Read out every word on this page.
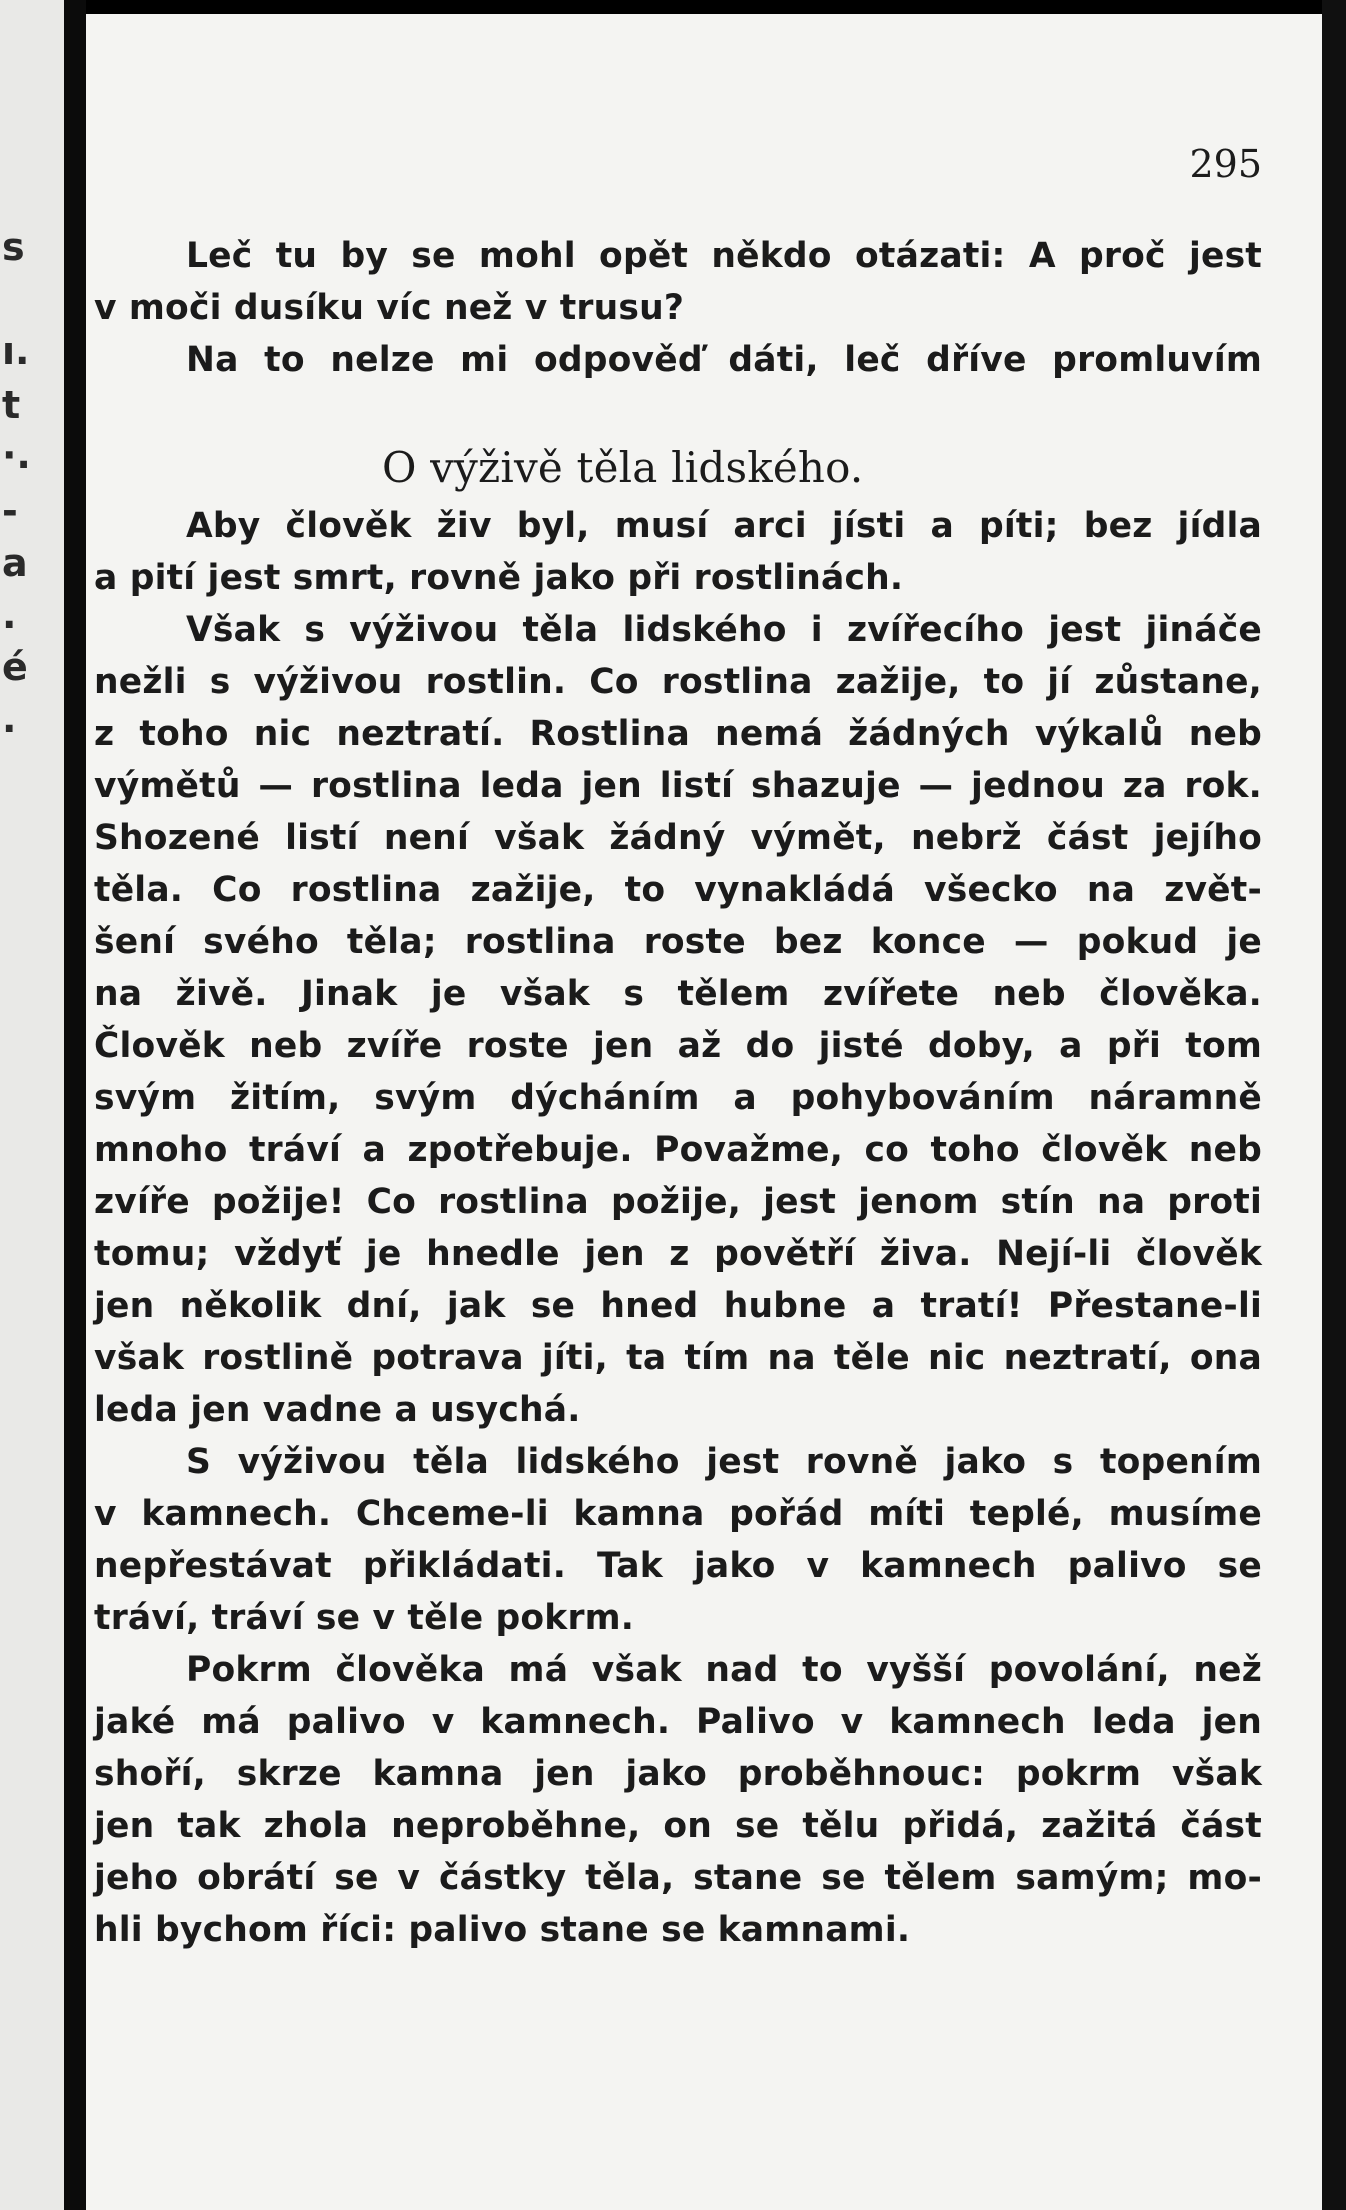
s
ı.
t
·.
-
a
.
é
.
295
Leč tu by se mohl opět někdo otázati: A proč jest
v moči dusíku víc než v trusu?
Na to nelze mi odpověď dáti, leč dříve promluvím
O výživě těla lidského.
Aby člověk živ byl, musí arci jísti a píti; bez jídla
a pití jest smrt, rovně jako při rostlinách.
Však s výživou těla lidského i zvířecího jest jináče
nežli s výživou rostlin. Co rostlina zažije, to jí zůstane,
z toho nic neztratí. Rostlina nemá žádných výkalů neb
výmětů — rostlina leda jen listí shazuje — jednou za rok.
Shozené listí není však žádný výmět, nebrž část jejího
těla. Co rostlina zažije, to vynakládá všecko na zvět-
šení svého těla; rostlina roste bez konce — pokud je
na živě. Jinak je však s tělem zvířete neb člověka.
Člověk neb zvíře roste jen až do jisté doby, a při tom
svým žitím, svým dýcháním a pohybováním náramně
mnoho tráví a zpotřebuje. Považme, co toho člověk neb
zvíře požije! Co rostlina požije, jest jenom stín na proti
tomu; vždyť je hnedle jen z povětří živa. Nejí-li člověk
jen několik dní, jak se hned hubne a tratí! Přestane-li
však rostlině potrava jíti, ta tím na těle nic neztratí, ona
leda jen vadne a usychá.
S výživou těla lidského jest rovně jako s topením
v kamnech. Chceme-li kamna pořád míti teplé, musíme
nepřestávat přikládati. Tak jako v kamnech palivo se
tráví, tráví se v těle pokrm.
Pokrm člověka má však nad to vyšší povolání, než
jaké má palivo v kamnech. Palivo v kamnech leda jen
shoří, skrze kamna jen jako proběhnouc: pokrm však
jen tak zhola neproběhne, on se tělu přidá, zažitá část
jeho obrátí se v částky těla, stane se tělem samým; mo-
hli bychom říci: palivo stane se kamnami.
